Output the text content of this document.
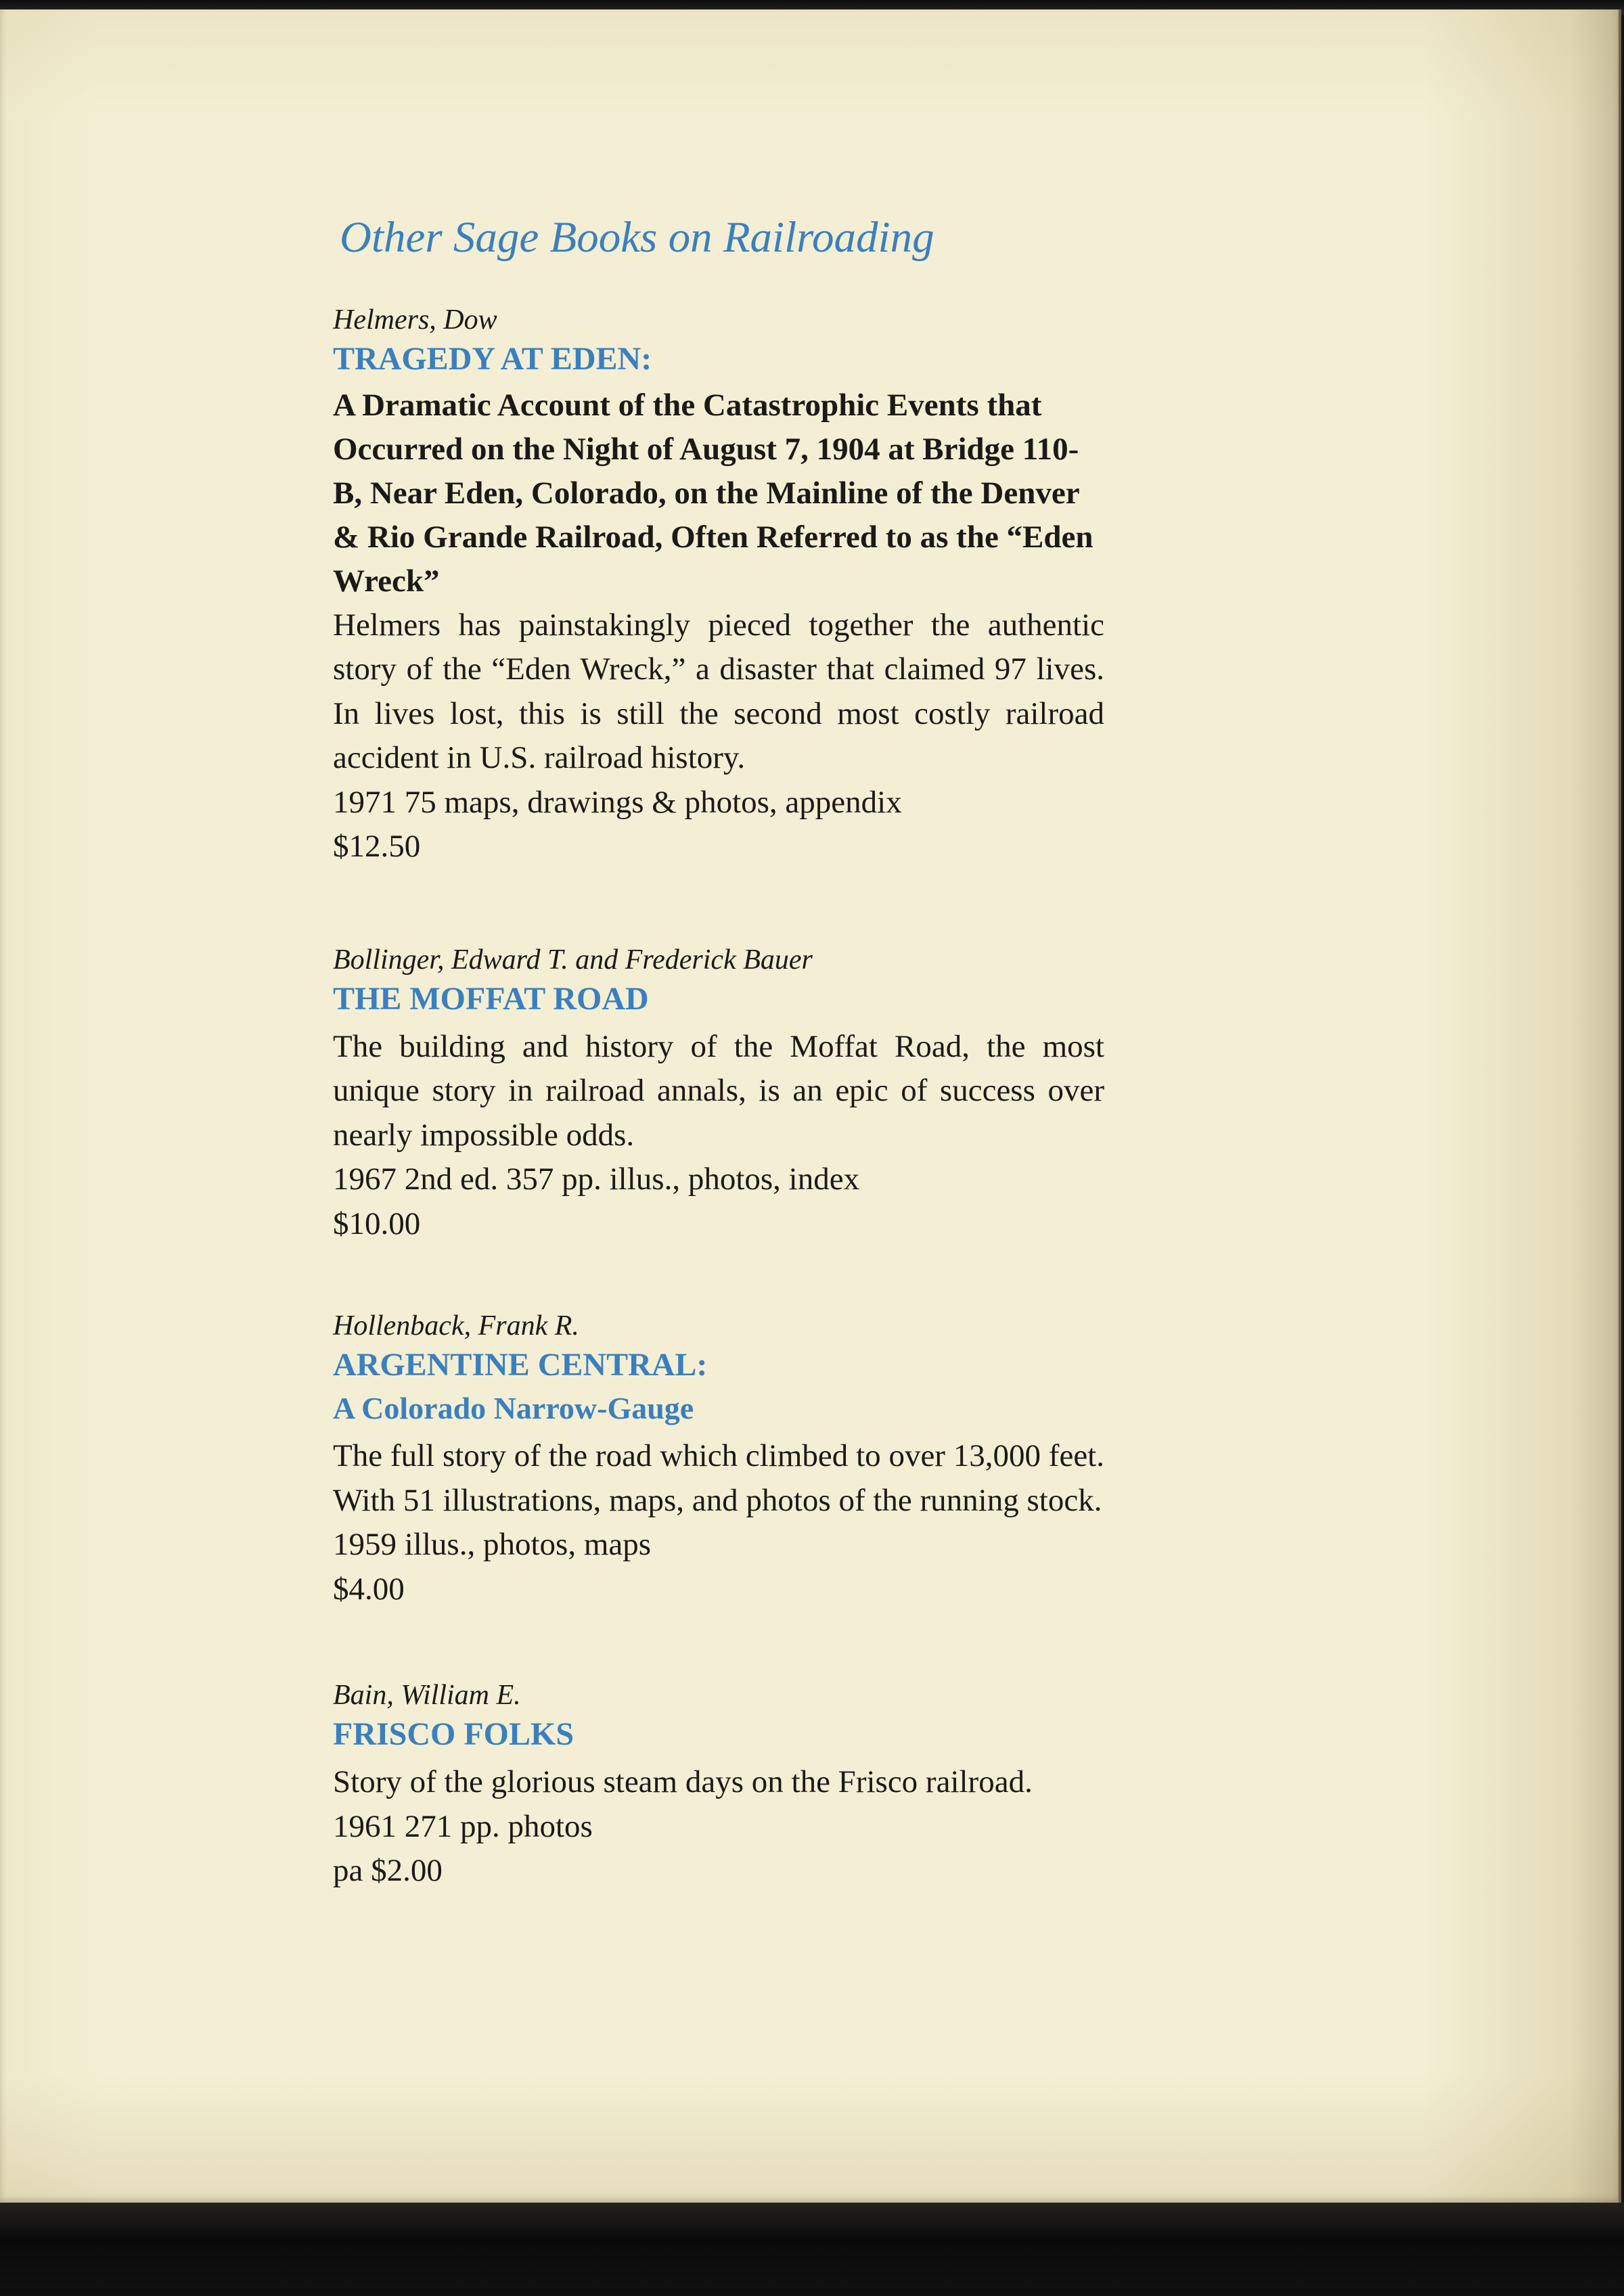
Other Sage Books on Railroading

Helmers, Dow

TRAGEDY AT EDEN:

A Dramatic Account of the Catastrophic Events that Occurred on the Night of August 7, 1904 at Bridge 110-B, Near Eden, Colorado, on the Mainline of the Denver & Rio Grande Railroad, Often Referred to as the “Eden Wreck”

Helmers has painstakingly pieced together the authentic story of the “Eden Wreck,” a disaster that claimed 97 lives. In lives lost, this is still the second most costly railroad accident in U.S. railroad history.

1971 75 maps, drawings & photos, appendix

$12.50

Bollinger, Edward T. and Frederick Bauer

THE MOFFAT ROAD

The building and history of the Moffat Road, the most unique story in railroad annals, is an epic of success over nearly impossible odds.

1967 2nd ed. 357 pp. illus., photos, index

$10.00

Hollenback, Frank R.

ARGENTINE CENTRAL:

A Colorado Narrow-Gauge

The full story of the road which climbed to over 13,000 feet. With 51 illustrations, maps, and photos of the running stock.

1959 illus., photos, maps

$4.00

Bain, William E.

FRISCO FOLKS

Story of the glorious steam days on the Frisco railroad.

1961 271 pp. photos

pa $2.00
